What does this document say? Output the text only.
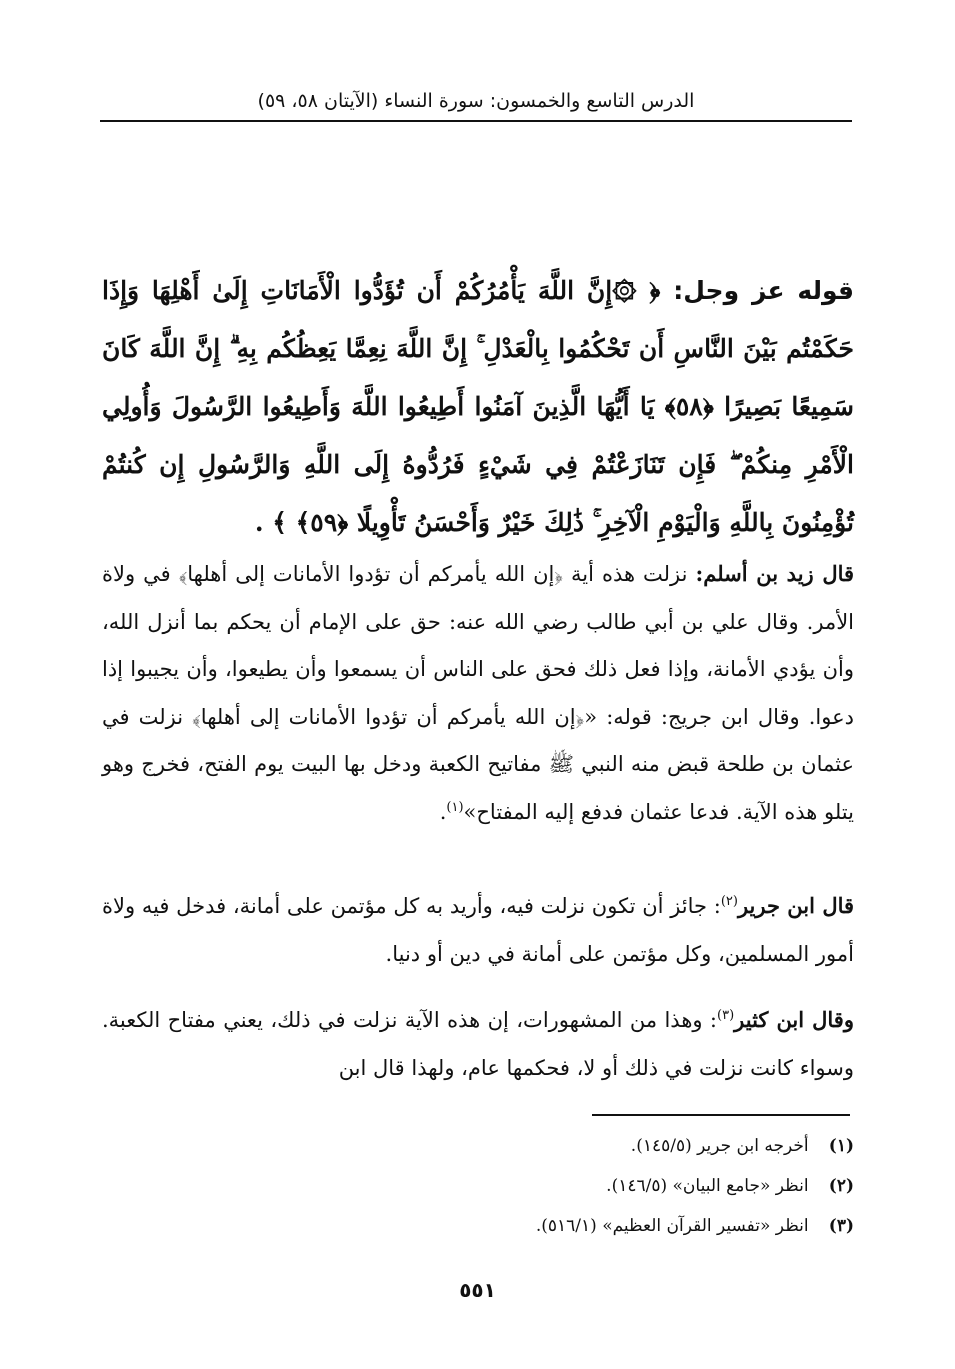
الدرس التاسع والخمسون: سورة النساء (الآيتان ٥٨، ٥٩)
قوله عز وجل: ﴿ ۞إِنَّ اللَّهَ يَأْمُرُكُمْ أَن تُؤَدُّوا الْأَمَانَاتِ إِلَىٰ أَهْلِهَا وَإِذَا حَكَمْتُم بَيْنَ النَّاسِ أَن تَحْكُمُوا بِالْعَدْلِ ۚ إِنَّ اللَّهَ نِعِمَّا يَعِظُكُم بِهِ ۗ إِنَّ اللَّهَ كَانَ سَمِيعًا بَصِيرًا ﴿٥٨﴾ يَا أَيُّهَا الَّذِينَ آمَنُوا أَطِيعُوا اللَّهَ وَأَطِيعُوا الرَّسُولَ وَأُولِي الْأَمْرِ مِنكُمْ ۖ فَإِن تَنَازَعْتُمْ فِي شَيْءٍ فَرُدُّوهُ إِلَى اللَّهِ وَالرَّسُولِ إِن كُنتُمْ تُؤْمِنُونَ بِاللَّهِ وَالْيَوْمِ الْآخِرِ ۚ ذَٰلِكَ خَيْرٌ وَأَحْسَنُ تَأْوِيلًا ﴿٥٩﴾ ﴾ .
قال زيد بن أسلم: نزلت هذه أية ﴿إن الله يأمركم أن تؤدوا الأمانات إلى أهلها﴾ في ولاة الأمر. وقال علي بن أبي طالب رضي الله عنه: حق على الإمام أن يحكم بما أنزل الله، وأن يؤدي الأمانة، وإذا فعل ذلك فحق على الناس أن يسمعوا وأن يطيعوا، وأن يجيبوا إذا دعوا. وقال ابن جريج: قوله: «﴿إن الله يأمركم أن تؤدوا الأمانات إلى أهلها﴾ نزلت في عثمان بن طلحة قبض منه النبي ﷺ مفاتيح الكعبة ودخل بها البيت يوم الفتح، فخرج وهو يتلو هذه الآية. فدعا عثمان فدفع إليه المفتاح»$^{(١)}$.
قال ابن جرير$^{(٢)}$: جائز أن تكون نزلت فيه، وأريد به كل مؤتمن على أمانة، فدخل فيه ولاة أمور المسلمين، وكل مؤتمن على أمانة في دين أو دنيا.
وقال ابن كثير$^{(٣)}$: وهذا من المشهورات، إن هذه الآية نزلت في ذلك، يعني مفتاح الكعبة. وسواء كانت نزلت في ذلك أو لا، فحكمها عام، ولهذا قال ابن
(١) أخرجه ابن جرير (١٤٥/٥).
(٢) انظر «جامع البيان» (١٤٦/٥).
(٣) انظر «تفسير القرآن العظيم» (٥١٦/١).
٥٥١
